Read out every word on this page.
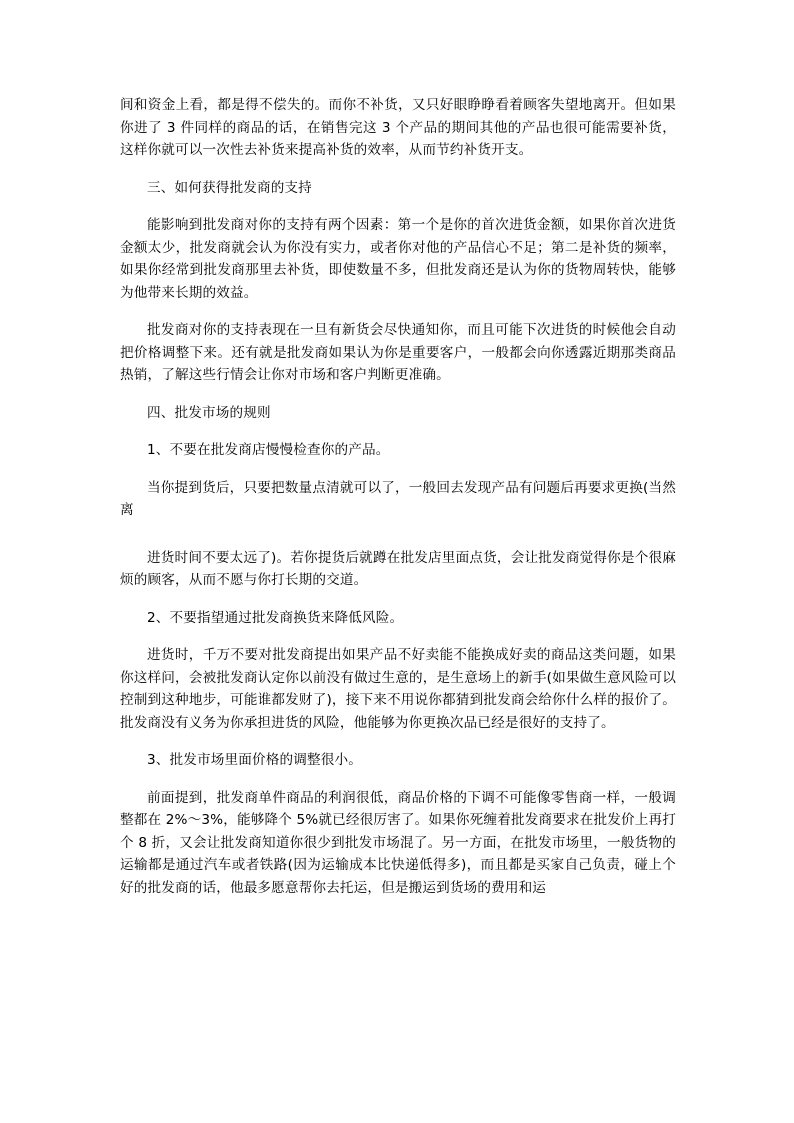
间和资金上看，都是得不偿失的。而你不补货，又只好眼睁睁看着顾客失望地离开。但如果你进了 3 件同样的商品的话，在销售完这 3 个产品的期间其他的产品也很可能需要补货，这样你就可以一次性去补货来提高补货的效率，从而节约补货开支。

三、如何获得批发商的支持

能影响到批发商对你的支持有两个因素：第一个是你的首次进货金额，如果你首次进货金额太少，批发商就会认为你没有实力，或者你对他的产品信心不足；第二是补货的频率，如果你经常到批发商那里去补货，即使数量不多，但批发商还是认为你的货物周转快，能够为他带来长期的效益。

批发商对你的支持表现在一旦有新货会尽快通知你，而且可能下次进货的时候他会自动把价格调整下来。还有就是批发商如果认为你是重要客户，一般都会向你透露近期那类商品热销，了解这些行情会让你对市场和客户判断更准确。

四、批发市场的规则

1、不要在批发商店慢慢检查你的产品。

当你提到货后，只要把数量点清就可以了，一般回去发现产品有问题后再要求更换(当然离

进货时间不要太远了)。若你提货后就蹲在批发店里面点货，会让批发商觉得你是个很麻烦的顾客，从而不愿与你打长期的交道。

2、不要指望通过批发商换货来降低风险。

进货时，千万不要对批发商提出如果产品不好卖能不能换成好卖的商品这类问题，如果你这样问，会被批发商认定你以前没有做过生意的，是生意场上的新手(如果做生意风险可以控制到这种地步，可能谁都发财了)，接下来不用说你都猜到批发商会给你什么样的报价了。批发商没有义务为你承担进货的风险，他能够为你更换次品已经是很好的支持了。

3、批发市场里面价格的调整很小。

前面提到，批发商单件商品的利润很低，商品价格的下调不可能像零售商一样，一般调整都在 2%～3%，能够降个 5%就已经很厉害了。如果你死缠着批发商要求在批发价上再打个 8 折，又会让批发商知道你很少到批发市场混了。另一方面，在批发市场里，一般货物的运输都是通过汽车或者铁路(因为运输成本比快递低得多)，而且都是买家自己负责，碰上个好的批发商的话，他最多愿意帮你去托运，但是搬运到货场的费用和运
